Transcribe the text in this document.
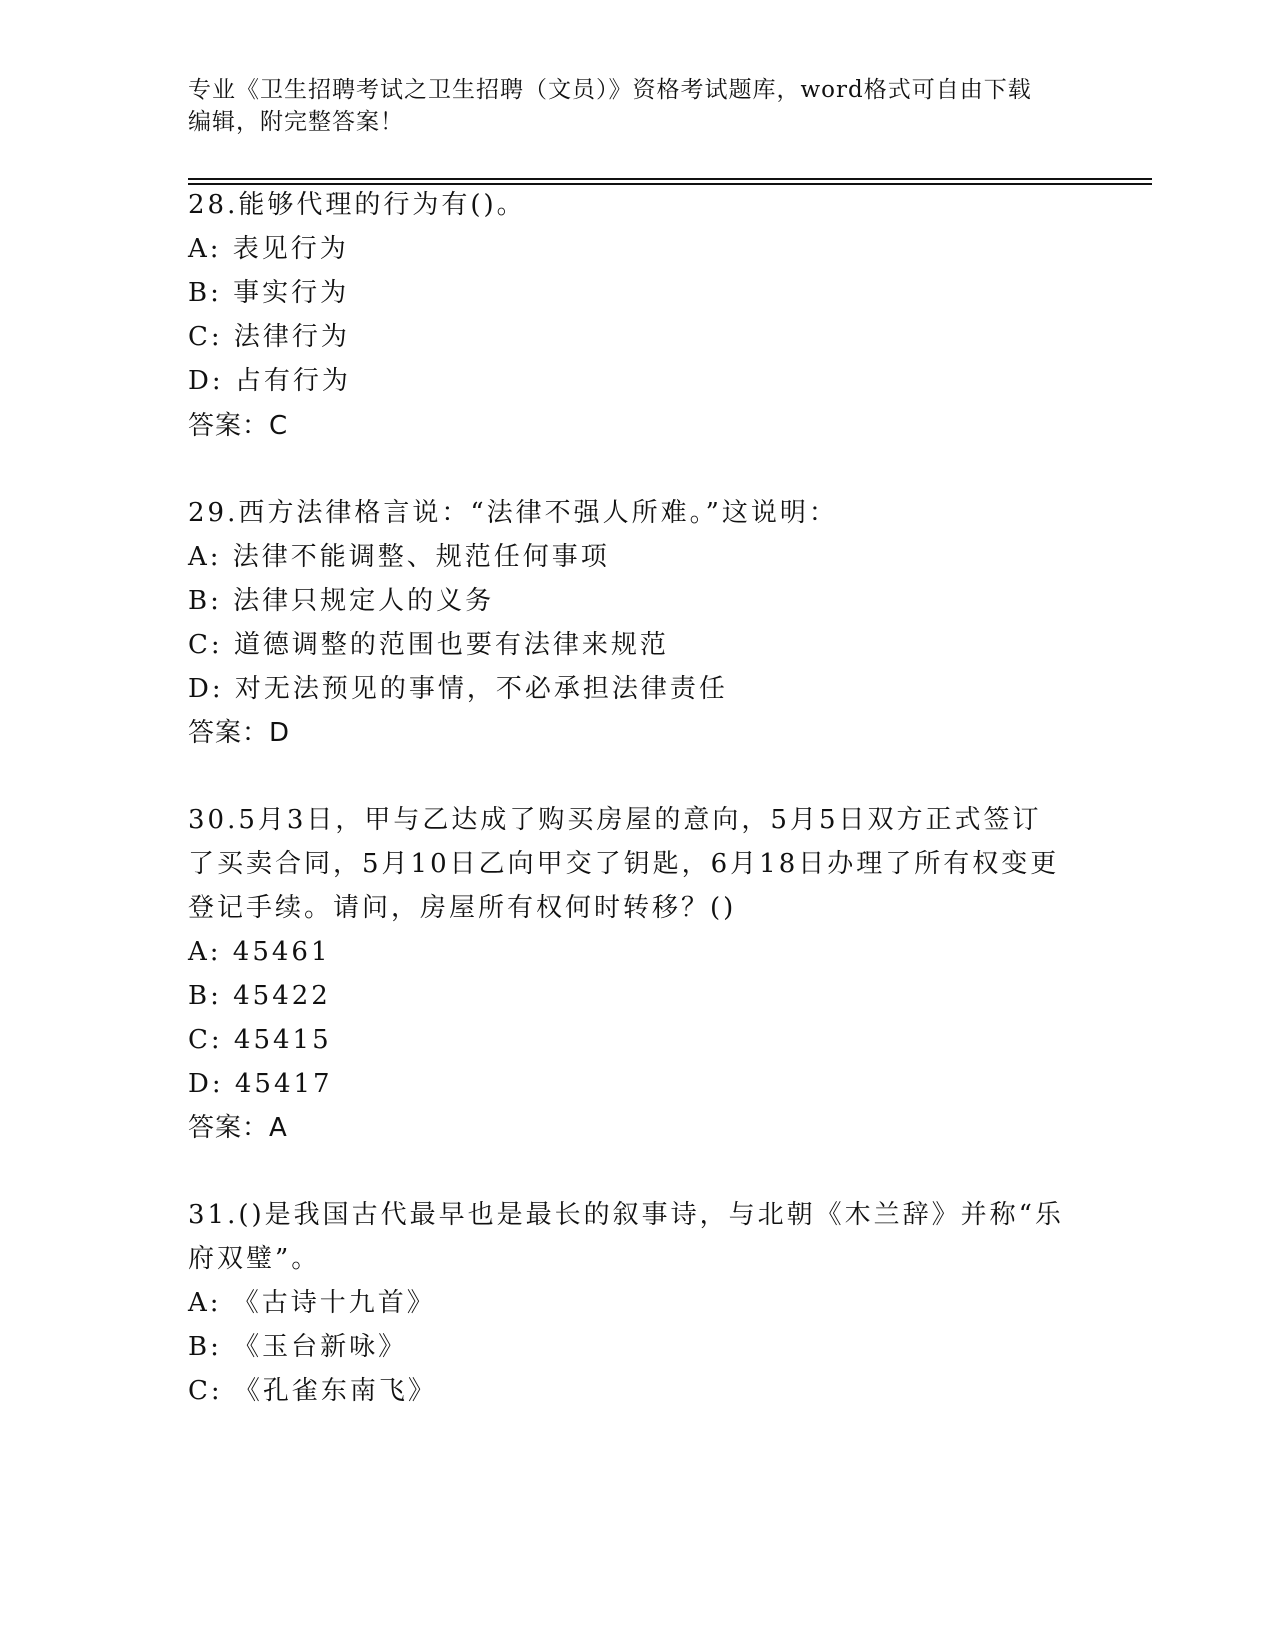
专业《卫生招聘考试之卫生招聘（文员）》资格考试题库，word格式可自由下载
编辑，附完整答案！
28.能够代理的行为有()。
A: 表见行为
B: 事实行为
C: 法律行为
D: 占有行为
答案：C
29.西方法律格言说：“法律不强人所难。”这说明：
A: 法律不能调整、规范任何事项
B: 法律只规定人的义务
C: 道德调整的范围也要有法律来规范
D: 对无法预见的事情，不必承担法律责任
答案：D
30.5月3日，甲与乙达成了购买房屋的意向，5月5日双方正式签订
了买卖合同，5月10日乙向甲交了钥匙，6月18日办理了所有权变更
登记手续。请问，房屋所有权何时转移？()
A: 45461
B: 45422
C: 45415
D: 45417
答案：A
31.()是我国古代最早也是最长的叙事诗，与北朝《木兰辞》并称“乐
府双璧”。
A: 《古诗十九首》
B: 《玉台新咏》
C: 《孔雀东南飞》
